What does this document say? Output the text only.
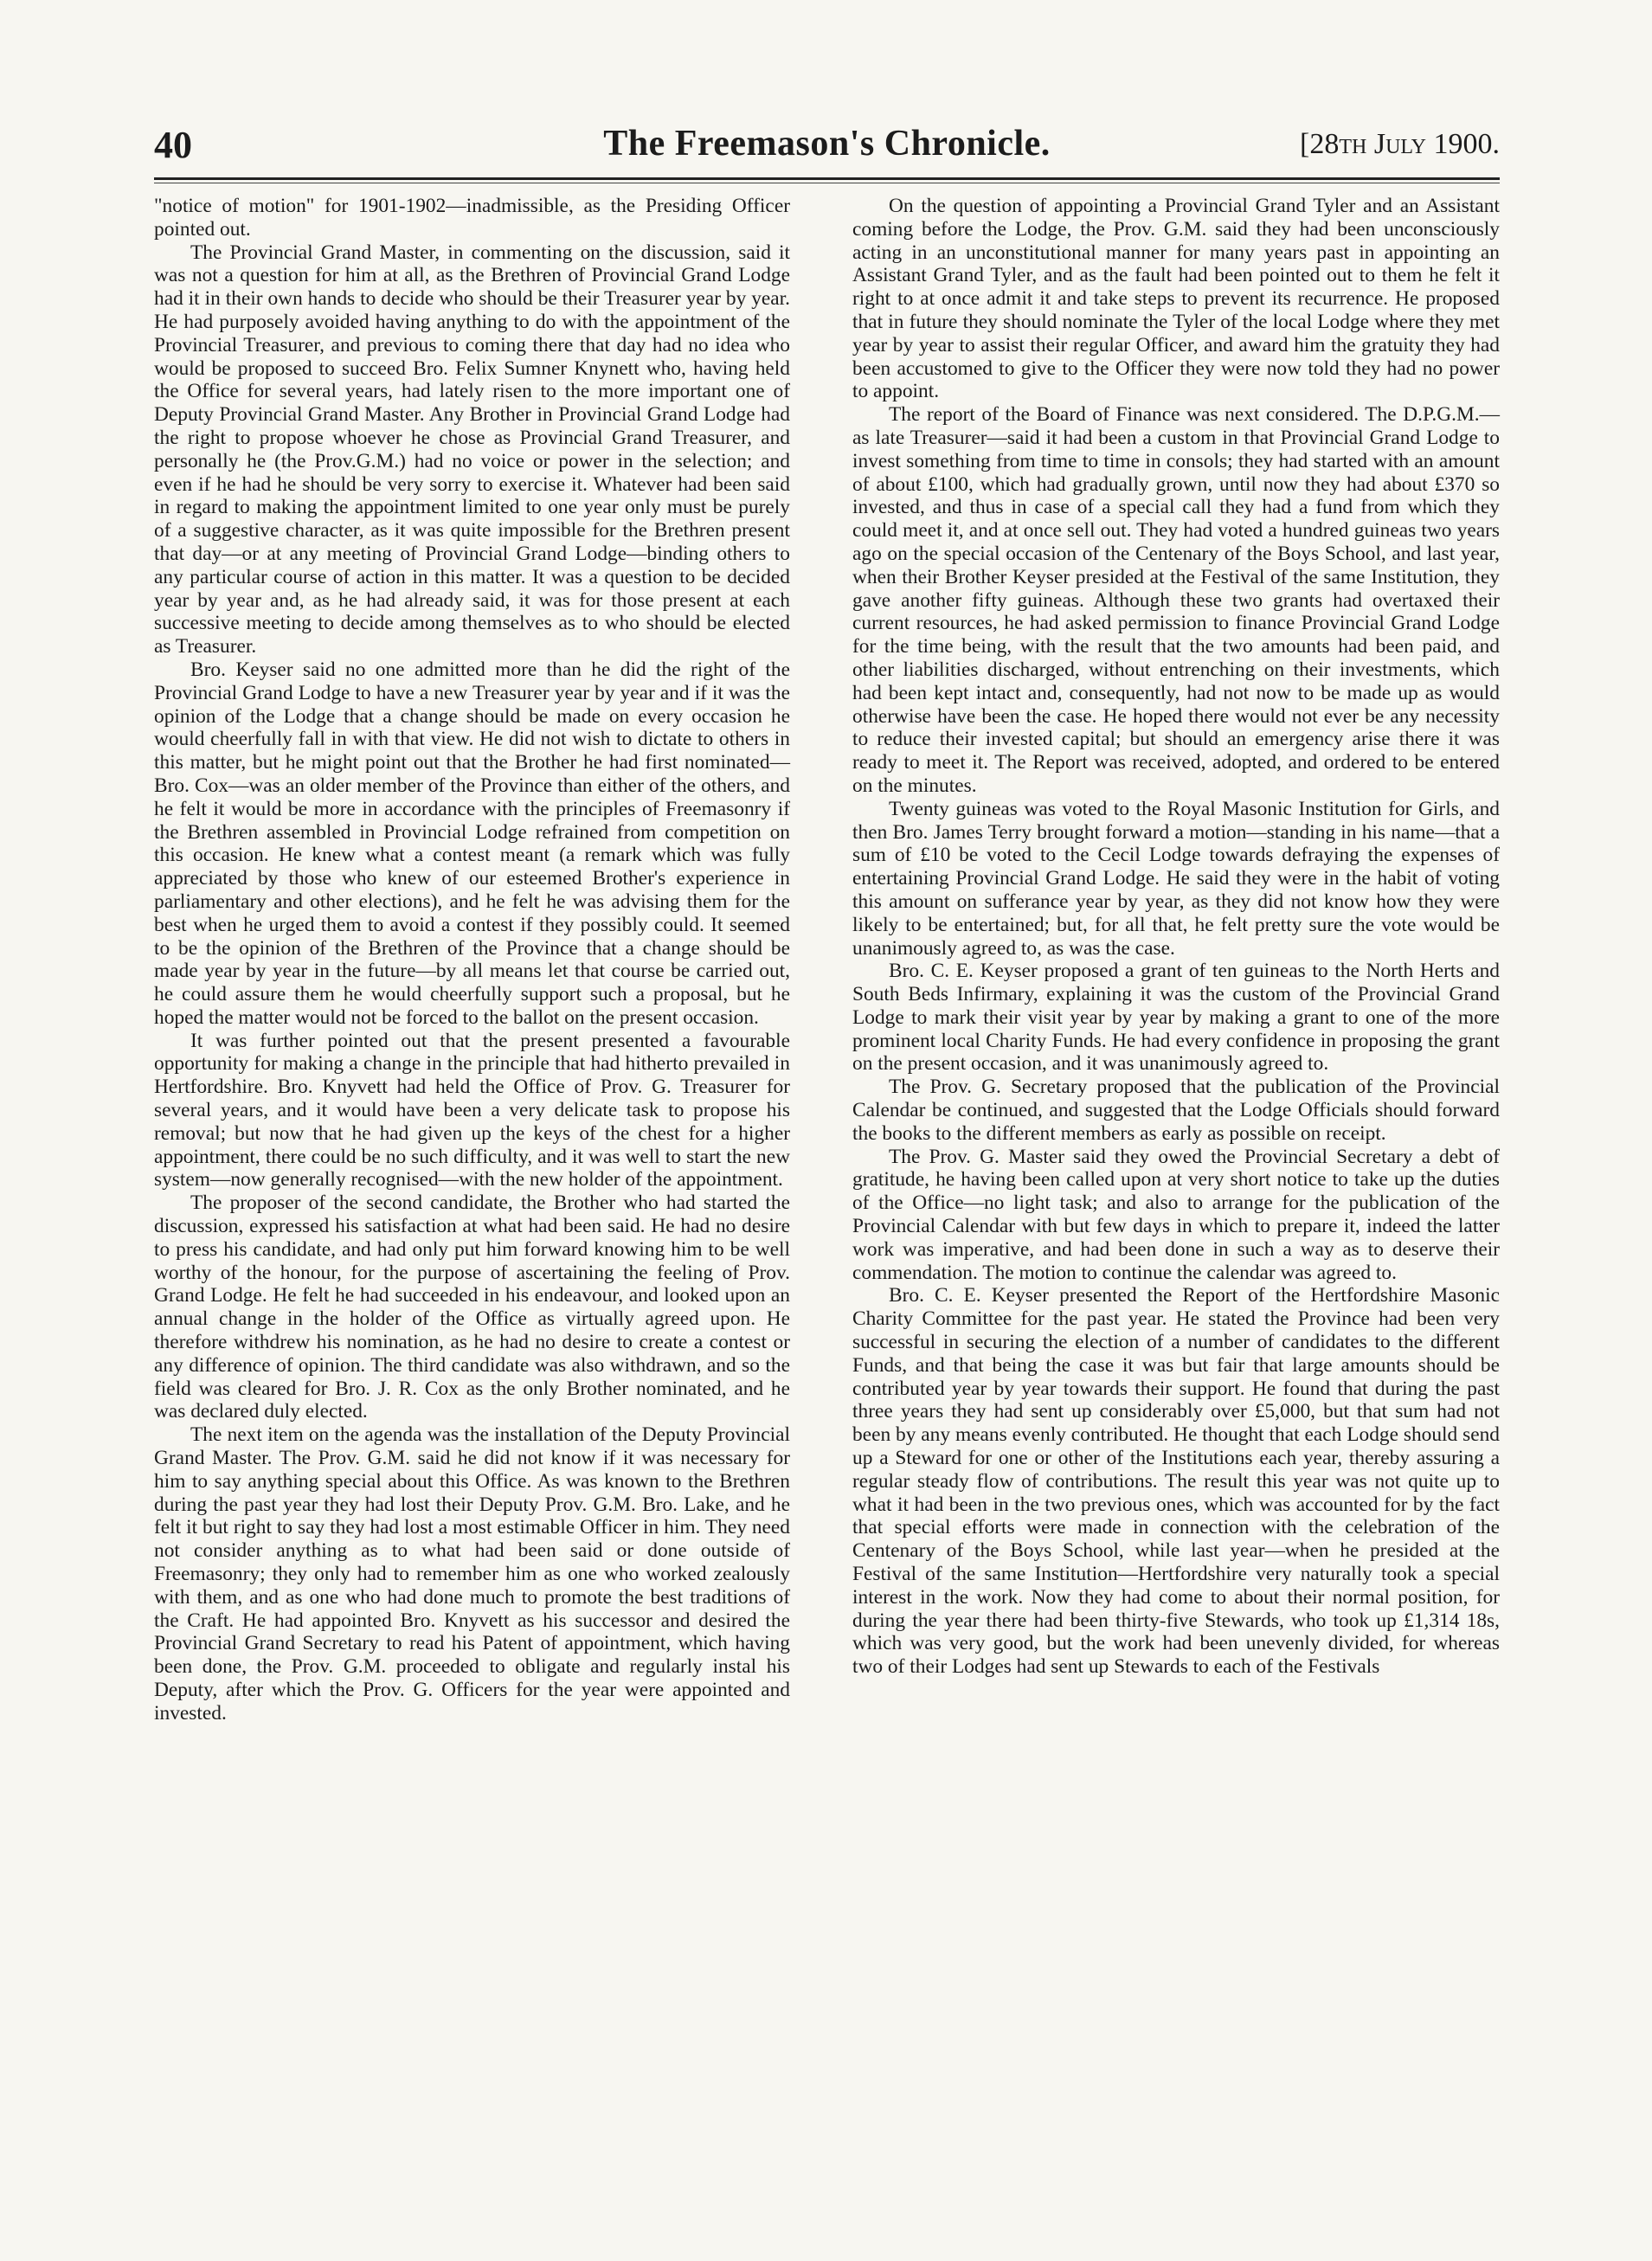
40	The Freemason's Chronicle.	[28th July 1900.

"notice of motion" for 1901-1902—inadmissible, as the Presiding Officer pointed out.

The Provincial Grand Master, in commenting on the discussion, said it was not a question for him at all, as the Brethren of Provincial Grand Lodge had it in their own hands to decide who should be their Treasurer year by year. He had purposely avoided having anything to do with the appointment of the Provincial Treasurer, and previous to coming there that day had no idea who would be proposed to succeed Bro. Felix Sumner Knynett who, having held the Office for several years, had lately risen to the more important one of Deputy Provincial Grand Master. Any Brother in Provincial Grand Lodge had the right to propose whoever he chose as Provincial Grand Treasurer, and personally he (the Prov.G.M.) had no voice or power in the selection; and even if he had he should be very sorry to exercise it. Whatever had been said in regard to making the appointment limited to one year only must be purely of a suggestive character, as it was quite impossible for the Brethren present that day—or at any meeting of Provincial Grand Lodge—binding others to any particular course of action in this matter. It was a question to be decided year by year and, as he had already said, it was for those present at each successive meeting to decide among themselves as to who should be elected as Treasurer.

Bro. Keyser said no one admitted more than he did the right of the Provincial Grand Lodge to have a new Treasurer year by year and if it was the opinion of the Lodge that a change should be made on every occasion he would cheerfully fall in with that view. He did not wish to dictate to others in this matter, but he might point out that the Brother he had first nominated—Bro. Cox—was an older member of the Province than either of the others, and he felt it would be more in accordance with the principles of Freemasonry if the Brethren assembled in Provincial Lodge refrained from competition on this occasion. He knew what a contest meant (a remark which was fully appreciated by those who knew of our esteemed Brother's experience in parliamentary and other elections), and he felt he was advising them for the best when he urged them to avoid a contest if they possibly could. It seemed to be the opinion of the Brethren of the Province that a change should be made year by year in the future—by all means let that course be carried out, he could assure them he would cheerfully support such a proposal, but he hoped the matter would not be forced to the ballot on the present occasion.

It was further pointed out that the present presented a favourable opportunity for making a change in the principle that had hitherto prevailed in Hertfordshire. Bro. Knyvett had held the Office of Prov. G. Treasurer for several years, and it would have been a very delicate task to propose his removal; but now that he had given up the keys of the chest for a higher appointment, there could be no such difficulty, and it was well to start the new system—now generally recognised—with the new holder of the appointment.

The proposer of the second candidate, the Brother who had started the discussion, expressed his satisfaction at what had been said. He had no desire to press his candidate, and had only put him forward knowing him to be well worthy of the honour, for the purpose of ascertaining the feeling of Prov. Grand Lodge. He felt he had succeeded in his endeavour, and looked upon an annual change in the holder of the Office as virtually agreed upon. He therefore withdrew his nomination, as he had no desire to create a contest or any difference of opinion. The third candidate was also withdrawn, and so the field was cleared for Bro. J. R. Cox as the only Brother nominated, and he was declared duly elected.

The next item on the agenda was the installation of the Deputy Provincial Grand Master. The Prov. G.M. said he did not know if it was necessary for him to say anything special about this Office. As was known to the Brethren during the past year they had lost their Deputy Prov. G.M. Bro. Lake, and he felt it but right to say they had lost a most estimable Officer in him. They need not consider anything as to what had been said or done outside of Freemasonry; they only had to remember him as one who worked zealously with them, and as one who had done much to promote the best traditions of the Craft. He had appointed Bro. Knyvett as his successor and desired the Provincial Grand Secretary to read his Patent of appointment, which having been done, the Prov. G.M. proceeded to obligate and regularly instal his Deputy, after which the Prov. G. Officers for the year were appointed and invested.

On the question of appointing a Provincial Grand Tyler and an Assistant coming before the Lodge, the Prov. G.M. said they had been unconsciously acting in an unconstitutional manner for many years past in appointing an Assistant Grand Tyler, and as the fault had been pointed out to them he felt it right to at once admit it and take steps to prevent its recurrence. He proposed that in future they should nominate the Tyler of the local Lodge where they met year by year to assist their regular Officer, and award him the gratuity they had been accustomed to give to the Officer they were now told they had no power to appoint.

The report of the Board of Finance was next considered. The D.P.G.M.—as late Treasurer—said it had been a custom in that Provincial Grand Lodge to invest something from time to time in consols; they had started with an amount of about £100, which had gradually grown, until now they had about £370 so invested, and thus in case of a special call they had a fund from which they could meet it, and at once sell out. They had voted a hundred guineas two years ago on the special occasion of the Centenary of the Boys School, and last year, when their Brother Keyser presided at the Festival of the same Institution, they gave another fifty guineas. Although these two grants had overtaxed their current resources, he had asked permission to finance Provincial Grand Lodge for the time being, with the result that the two amounts had been paid, and other liabilities discharged, without entrenching on their investments, which had been kept intact and, consequently, had not now to be made up as would otherwise have been the case. He hoped there would not ever be any necessity to reduce their invested capital; but should an emergency arise there it was ready to meet it. The Report was received, adopted, and ordered to be entered on the minutes.

Twenty guineas was voted to the Royal Masonic Institution for Girls, and then Bro. James Terry brought forward a motion—standing in his name—that a sum of £10 be voted to the Cecil Lodge towards defraying the expenses of entertaining Provincial Grand Lodge. He said they were in the habit of voting this amount on sufferance year by year, as they did not know how they were likely to be entertained; but, for all that, he felt pretty sure the vote would be unanimously agreed to, as was the case.

Bro. C. E. Keyser proposed a grant of ten guineas to the North Herts and South Beds Infirmary, explaining it was the custom of the Provincial Grand Lodge to mark their visit year by year by making a grant to one of the more prominent local Charity Funds. He had every confidence in proposing the grant on the present occasion, and it was unanimously agreed to.

The Prov. G. Secretary proposed that the publication of the Provincial Calendar be continued, and suggested that the Lodge Officials should forward the books to the different members as early as possible on receipt.

The Prov. G. Master said they owed the Provincial Secretary a debt of gratitude, he having been called upon at very short notice to take up the duties of the Office—no light task; and also to arrange for the publication of the Provincial Calendar with but few days in which to prepare it, indeed the latter work was imperative, and had been done in such a way as to deserve their commendation. The motion to continue the calendar was agreed to.

Bro. C. E. Keyser presented the Report of the Hertfordshire Masonic Charity Committee for the past year. He stated the Province had been very successful in securing the election of a number of candidates to the different Funds, and that being the case it was but fair that large amounts should be contributed year by year towards their support. He found that during the past three years they had sent up considerably over £5,000, but that sum had not been by any means evenly contributed. He thought that each Lodge should send up a Steward for one or other of the Institutions each year, thereby assuring a regular steady flow of contributions. The result this year was not quite up to what it had been in the two previous ones, which was accounted for by the fact that special efforts were made in connection with the celebration of the Centenary of the Boys School, while last year—when he presided at the Festival of the same Institution—Hertfordshire very naturally took a special interest in the work. Now they had come to about their normal position, for during the year there had been thirty-five Stewards, who took up £1,314 18s, which was very good, but the work had been unevenly divided, for whereas two of their Lodges had sent up Stewards to each of the Festivals
